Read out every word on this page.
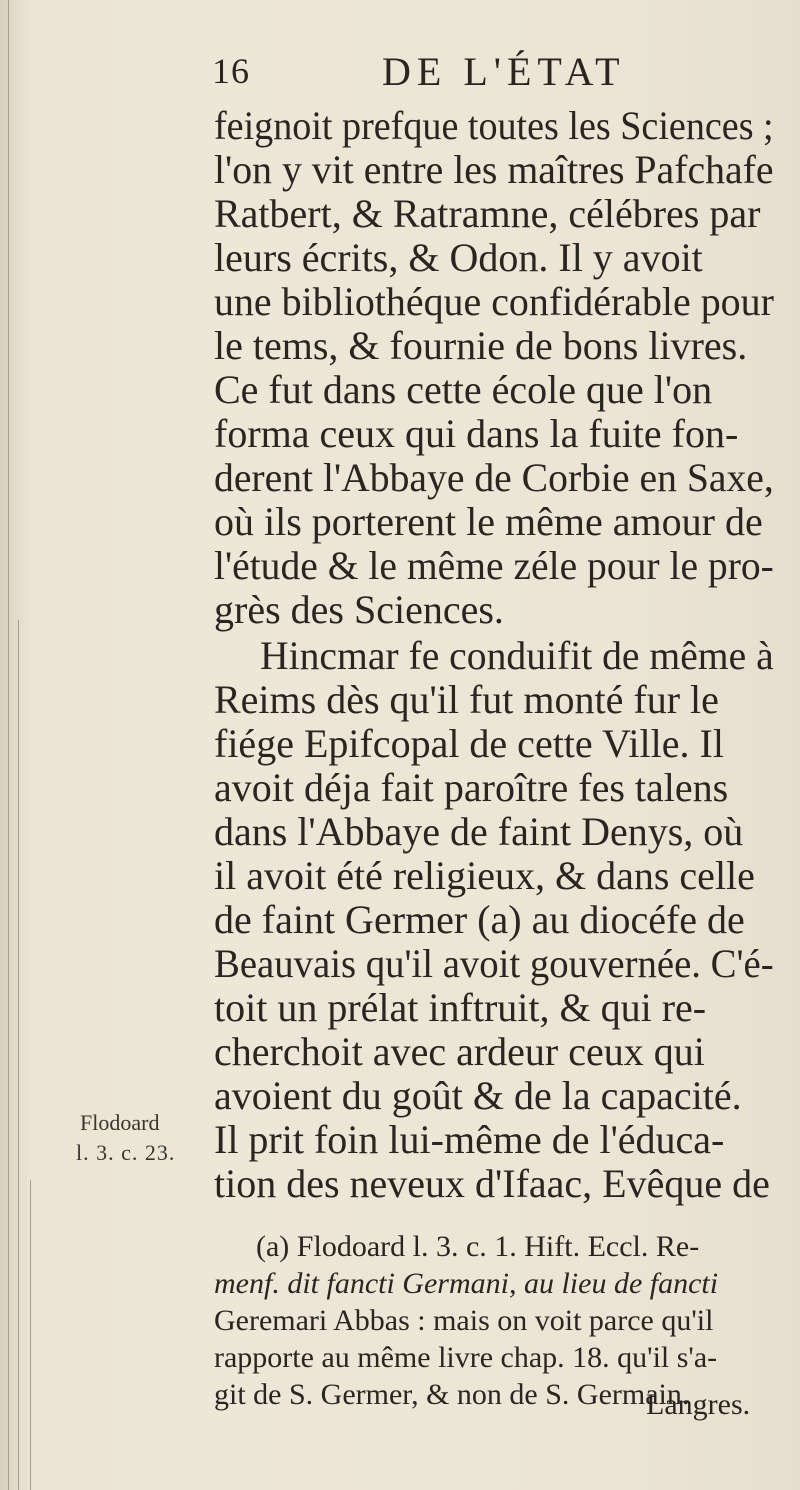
16	DE L'ÉTAT
Flodoard
l. 3. c. 23.
feignoit prefque toutes les Sciences ;
l'on y vit entre les maîtres Pafchafe
Ratbert, & Ratramne, célébres par
leurs écrits, & Odon. Il y avoit
une bibliothéque confidérable pour
le tems, & fournie de bons livres.
Ce fut dans cette école que l'on
forma ceux qui dans la fuite fon-
derent l'Abbaye de Corbie en Saxe,
où ils porterent le même amour de
l'étude & le même zéle pour le pro-
grès des Sciences.
Hincmar fe conduifit de même à
Reims dès qu'il fut monté fur le
fiége Epifcopal de cette Ville. Il
avoit déja fait paroître fes talens
dans l'Abbaye de faint Denys, où
il avoit été religieux, & dans celle
de faint Germer (a) au diocéfe de
Beauvais qu'il avoit gouvernée. C'é-
toit un prélat inftruit, & qui re-
cherchoit avec ardeur ceux qui
avoient du goût & de la capacité.
Il prit foin lui-même de l'éduca-
tion des neveux d'Ifaac, Evêque de
(a) Flodoard l. 3. c. 1. Hift. Eccl. Re-
menf. dit fancti Germani, au lieu de fancti
Geremari Abbas : mais on voit parce qu'il
rapporte au même livre chap. 18. qu'il s'a-
git de S. Germer, & non de S. Germain.
Langres.
